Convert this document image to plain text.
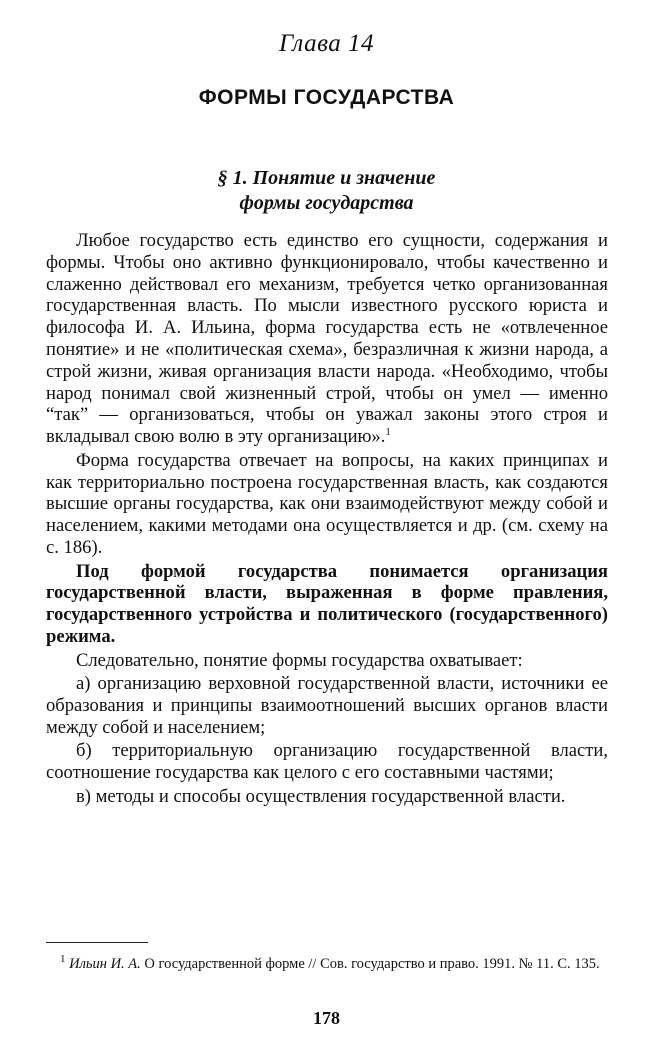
Глава 14
ФОРМЫ ГОСУДАРСТВА
§ 1. Понятие и значение
формы государства
Любое государство есть единство его сущности, содержания и формы. Чтобы оно активно функционировало, чтобы качественно и слаженно действовал его механизм, требуется четко организованная государственная власть. По мысли известного русского юриста и философа И. А. Ильина, форма государства есть не «отвлеченное понятие» и не «политическая схема», безразличная к жизни народа, а строй жизни, живая организация власти народа. «Необходимо, чтобы народ понимал свой жизненный строй, чтобы он умел — именно “так” — организоваться, чтобы он уважал законы этого строя и вкладывал свою волю в эту организацию».$^1$
Форма государства отвечает на вопросы, на каких принципах и как территориально построена государственная власть, как создаются высшие органы государства, как они взаимодействуют между собой и населением, какими методами она осуществляется и др. (см. схему на с. 186).
Под формой государства понимается организация государственной власти, выраженная в форме правления, государственного устройства и политического (государственного) режима.
Следовательно, понятие формы государства охватывает:
а) организацию верховной государственной власти, источники ее образования и принципы взаимоотношений высших органов власти между собой и населением;
б) территориальную организацию государственной власти, соотношение государства как целого с его составными частями;
в) методы и способы осуществления государственной власти.
$^1$ Ильин И. А. О государственной форме // Сов. государство и право. 1991. № 11. С. 135.
178
